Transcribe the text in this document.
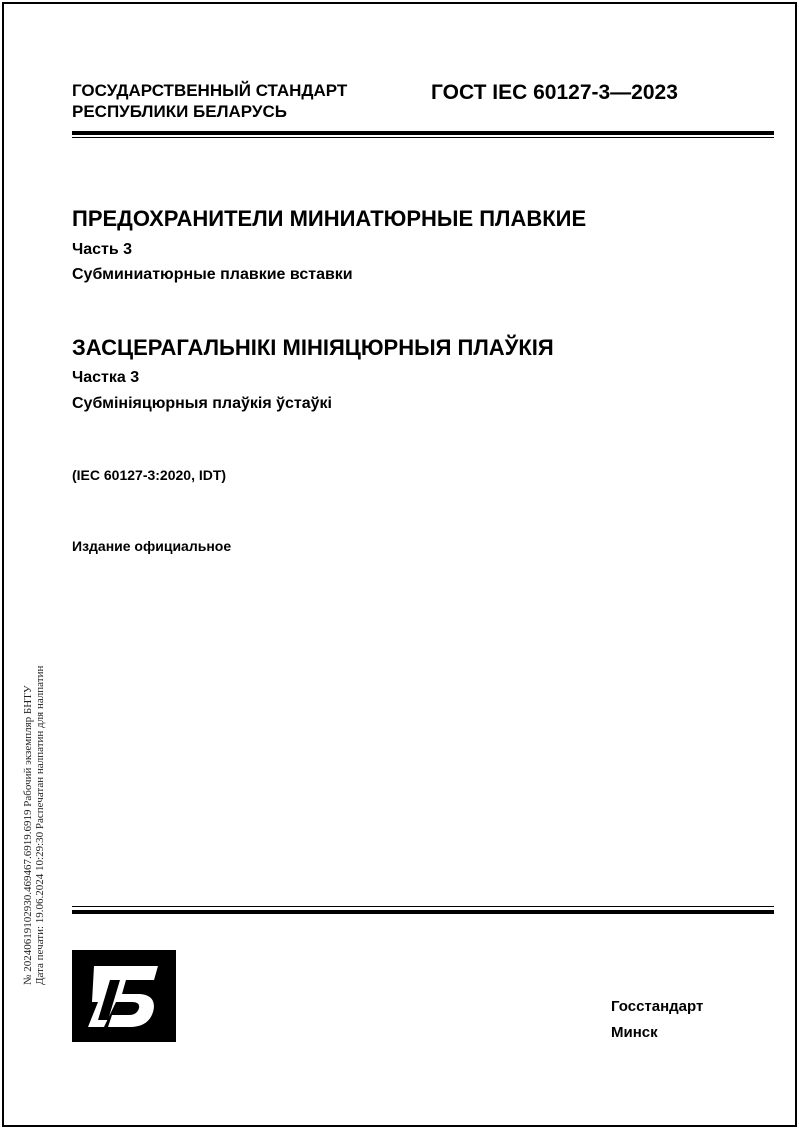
ГОСУДАРСТВЕННЫЙ СТАНДАРТ
РЕСПУБЛИКИ БЕЛАРУСЬ
ГОСТ IEC 60127-3—2023
ПРЕДОХРАНИТЕЛИ МИНИАТЮРНЫЕ ПЛАВКИЕ
Часть 3
Субминиатюрные плавкие вставки
ЗАСЦЕРАГАЛЬНІКІ МІНІЯЦЮРНЫЯ ПЛАЎКІЯ
Частка 3
Субмініяцюрныя плаўкія ўстаўкі
(IEC 60127-3:2020, IDT)
Издание официальное
№ 20240619102930.469467.6919.6919 Рабочий экземпляр БНТУ Дата печати: 19.06.2024 10:29:30 Распечатан налпатин для налпатин
Госстандарт
Минск
